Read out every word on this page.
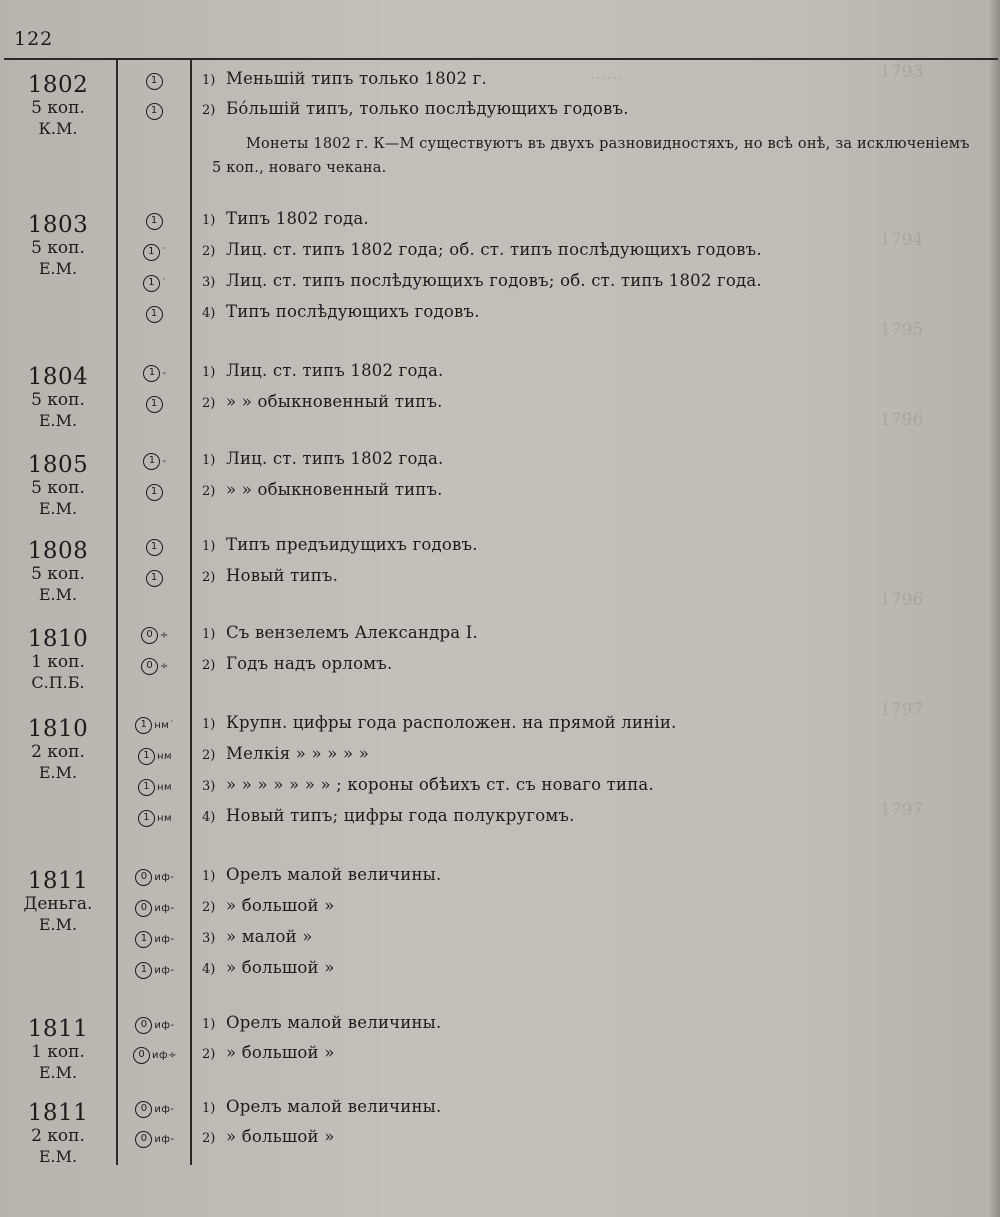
......	1793
1794
1795
1796
1796
1797
1797
122
1802
5 коп.
К.М.
1	1) Меньшій типъ только 1802 г.
1	2) Бо́льшій типъ, только послѣдующихъ годовъ.
Монеты 1802 г. К—М существуютъ въ двухъ разновидностяхъ, но всѣ онѣ, за исключеніемъ 5 коп., новаго чекана.
1803
5 коп.
Е.М.
1	1) Типъ 1802 года.
1 ˙	2) Лиц. ст. типъ 1802 года; об. ст. типъ послѣдующихъ годовъ.
1 ˙	3) Лиц. ст. типъ послѣдующихъ годовъ; об. ст. типъ 1802 года.
1	4) Типъ послѣдующихъ годовъ.
1804
5 коп.
Е.М.
1 -	1) Лиц. ст. типъ 1802 года.
1	2) » » обыкновенный типъ.
1805
5 коп.
Е.М.
1 -	1) Лиц. ст. типъ 1802 года.
1	2) » » обыкновенный типъ.
1808
5 коп.
Е.М.
1	1) Типъ предъидущихъ годовъ.
1	2) Новый типъ.
1810
1 коп.
С.П.Б.
0 ÷	1) Съ вензелемъ Александра I.
0 ÷	2) Годъ надъ орломъ.
1810
2 коп.
Е.М.
1 нм˙ 1) Крупн. цифры года расположен. на прямой линіи.
1 нм 2) Мелкія » » » » »
1 нм 3) » » » » » » » ; короны обѣихъ ст. съ новаго типа.
1 нм 4) Новый типъ; цифры года полукругомъ.
1811
Деньга.
Е.М.
0 иф- 1) Орелъ малой величины.
0 иф- 2) » большой »
1 иф- 3) » малой »
1 иф- 4) » большой »
1811
1 коп.
Е.М.
0 иф- 1) Орелъ малой величины.
0 иф÷ 2) » большой »
1811
2 коп.
Е.М.
0 иф- 1) Орелъ малой величины.
0 иф- 2) » большой »
